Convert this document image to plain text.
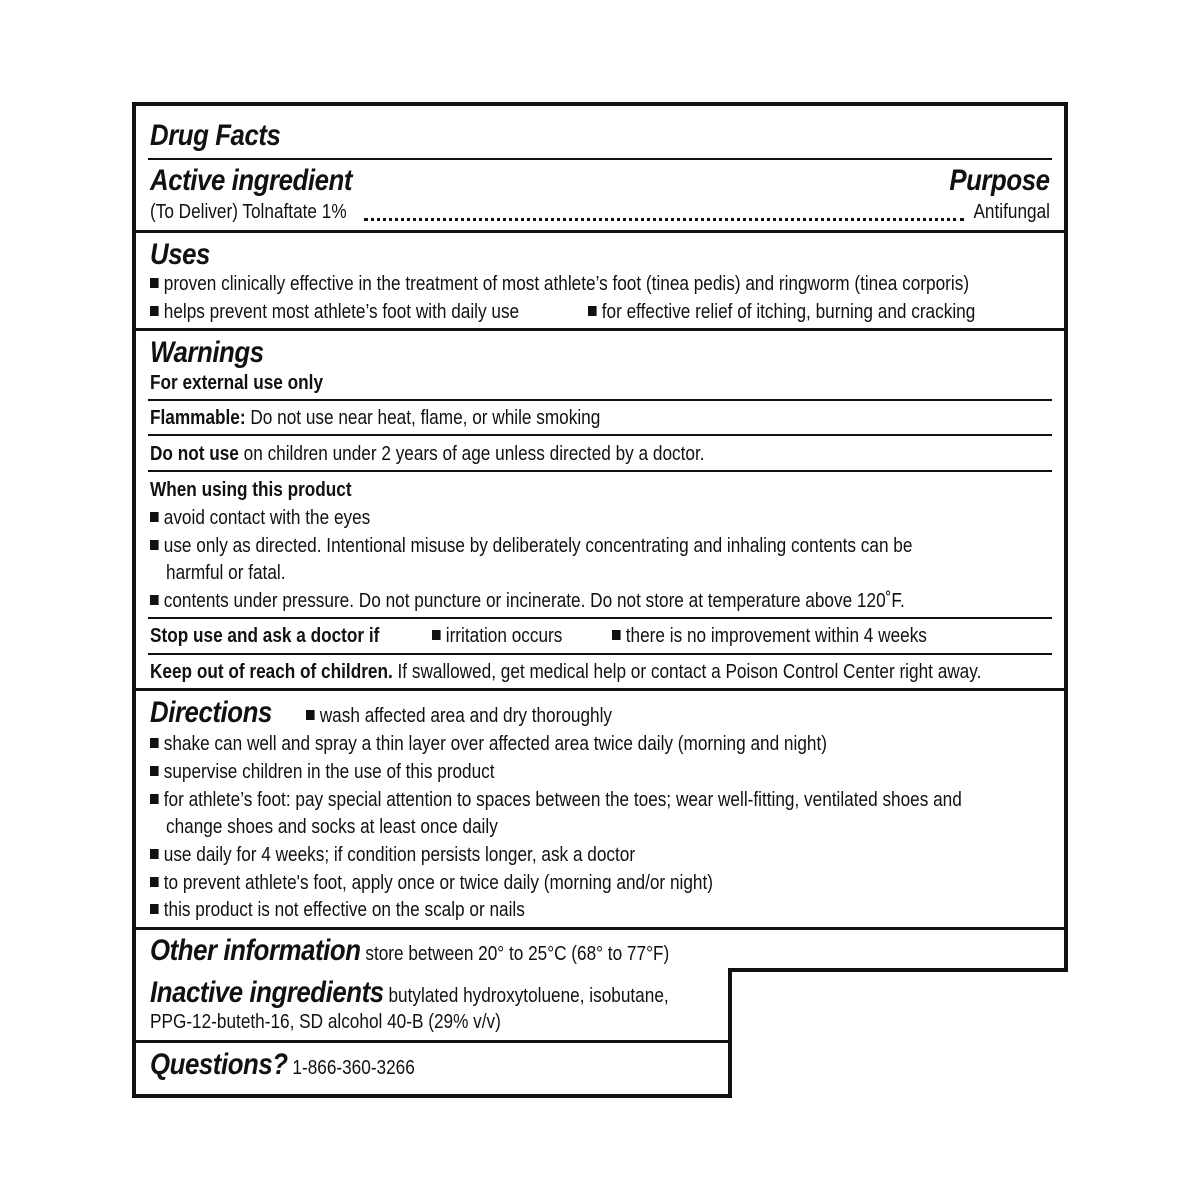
Drug Facts
Active ingredient	Purpose
(To Deliver) Tolnaftate 1%	Antifungal
Uses
proven clinically effective in the treatment of most athlete’s foot (tinea pedis) and ringworm (tinea corporis)
helps prevent most athlete’s foot with daily use	for effective relief of itching, burning and cracking
Warnings
For external use only
Flammable: Do not use near heat, flame, or while smoking
Do not use on children under 2 years of age unless directed by a doctor.
When using this product
avoid contact with the eyes
use only as directed. Intentional misuse by deliberately concentrating and inhaling contents can be
harmful or fatal.
contents under pressure. Do not puncture or incinerate. Do not store at temperature above 120˚F.
Stop use and ask a doctor if	irritation occurs	there is no improvement within 4 weeks
Keep out of reach of children. If swallowed, get medical help or contact a Poison Control Center right away.
Directions	wash affected area and dry thoroughly
shake can well and spray a thin layer over affected area twice daily (morning and night)
supervise children in the use of this product
for athlete’s foot: pay special attention to spaces between the toes; wear well-fitting, ventilated shoes and
change shoes and socks at least once daily
use daily for 4 weeks; if condition persists longer, ask a doctor
to prevent athlete's foot, apply once or twice daily (morning and/or night)
this product is not effective on the scalp or nails
Other information store between 20° to 25°C (68° to 77°F)
Inactive ingredients butylated hydroxytoluene, isobutane,
PPG-12-buteth-16, SD alcohol 40-B (29% v/v)
Questions? 1-866-360-3266
